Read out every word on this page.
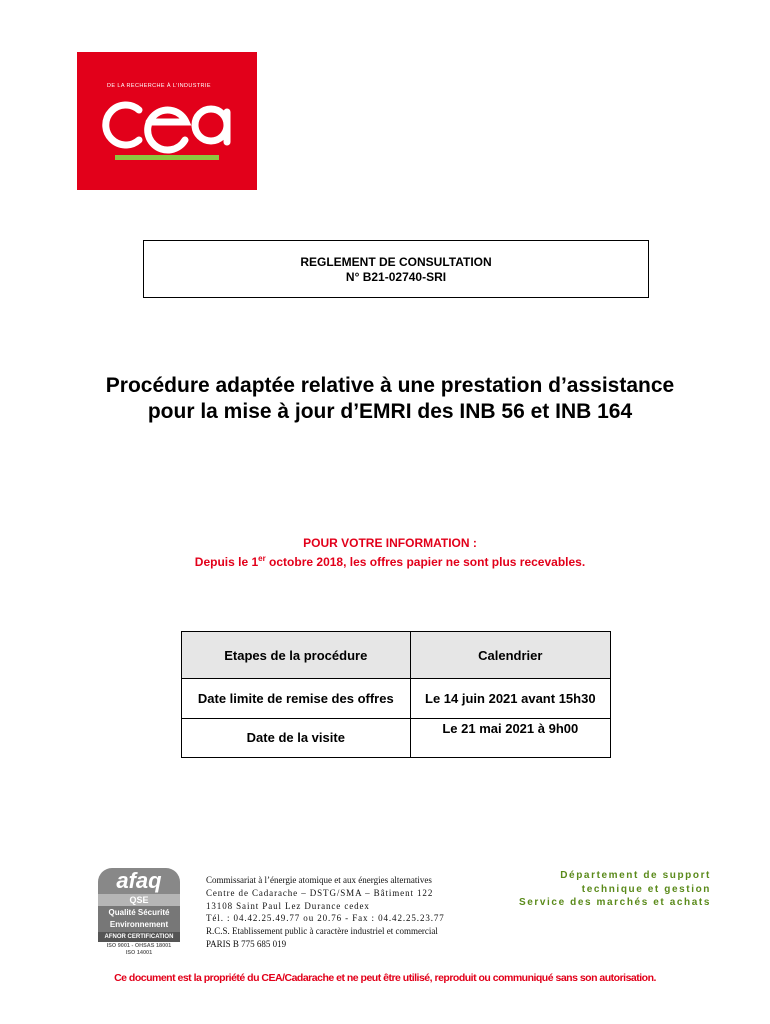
DE LA RECHERCHE À L’INDUSTRIE
REGLEMENT DE CONSULTATION
N° B21-02740-SRI
Procédure adaptée relative à une prestation d’assistance
pour la mise à jour d’EMRI des INB 56 et INB 164
POUR VOTRE INFORMATION :
Depuis le 1er octobre 2018, les offres papier ne sont plus recevables.
Etapes de la procédure	Calendrier
Date limite de remise des offres	Le 14 juin 2021 avant 15h30
Date de la visite	Le 21 mai 2021 à 9h00
afaq
QSE
Qualité Sécurité
Environnement
AFNOR CERTIFICATION
ISO 9001 - OHSAS 18001
ISO 14001
Commissariat à l’énergie atomique et aux énergies alternatives
Centre de Cadarache – DSTG/SMA – Bâtiment 122
13108 Saint Paul Lez Durance cedex
Tél. : 04.42.25.49.77 ou 20.76 - Fax : 04.42.25.23.77
R.C.S. Etablissement public à caractère industriel et commercial
PARIS B 775 685 019
Département de support
technique et gestion
Service des marchés et achats
Ce document est la propriété du CEA/Cadarache et ne peut être utilisé, reproduit ou communiqué sans son autorisation.
